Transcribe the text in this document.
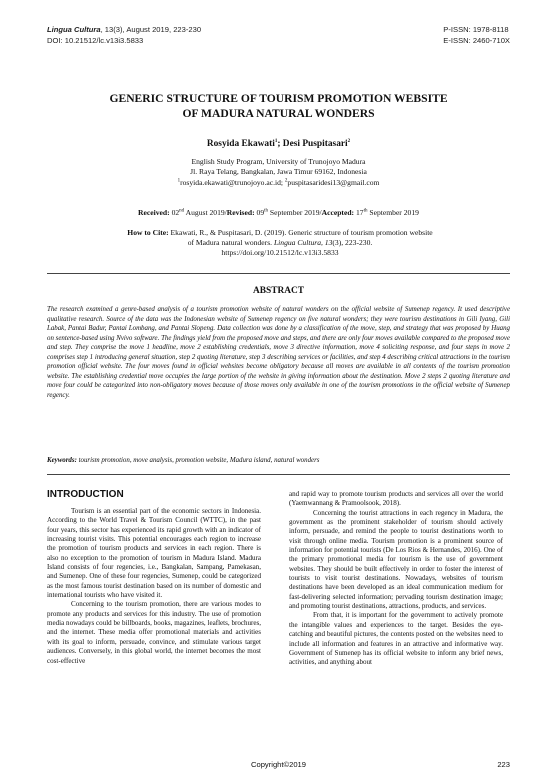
Lingua Cultura, 13(3), August 2019, 223-230
DOI: 10.21512/lc.v13i3.5833
P-ISSN: 1978-8118
E-ISSN: 2460-710X
GENERIC STRUCTURE OF TOURISM PROMOTION WEBSITE
OF MADURA NATURAL WONDERS
Rosyida Ekawati$^1$; Desi Puspitasari$^2$
English Study Program, University of Trunojoyo Madura
Jl. Raya Telang, Bangkalan, Jawa Timur 69162, Indonesia
$^1$rosyida.ekawati@trunojoyo.ac.id; $^2$puspitasaridesi13@gmail.com
Received: 02nd August 2019/Revised: 09th September 2019/Accepted: 17th September 2019
How to Cite: Ekawati, R., & Puspitasari, D. (2019). Generic structure of tourism promotion website
of Madura natural wonders. Lingua Cultura, 13(3), 223-230.
https://doi.org/10.21512/lc.v13i3.5833
ABSTRACT
The research examined a genre-based analysis of a tourism promotion website of natural wonders on the official website of Sumenep regency. It used descriptive qualitative research. Source of the data was the Indonesian website of Sumenep regency on five natural wonders; they were tourism destinations in Gili Iyang, Gili Labak, Pantai Badur, Pantai Lombang, and Pantai Slopeng. Data collection was done by a classification of the move, step, and strategy that was proposed by Huang on sentence-based using Nvivo software. The findings yield from the proposed move and steps, and there are only four moves available compared to the proposed move and step. They comprise the move 1 headline, move 2 establishing credentials, move 3 directive information, move 4 soliciting response, and four steps in move 2 comprises step 1 introducing general situation, step 2 quoting literature, step 3 describing services or facilities, and step 4 describing critical attractions in the tourism promotion official website. The four moves found in official websites become obligatory because all moves are available in all contents of the tourism promotion website. The establishing credential move occupies the large portion of the website in giving information about the destination. Move 2 steps 2 quoting literature and move four could be categorized into non-obligatory moves because of those moves only available in one of the tourism promotions in the official website of Sumenep regency.
Keywords: tourism promotion, move analysis, promotion website, Madura island, natural wonders
INTRODUCTION

Tourism is an essential part of the economic sectors in Indonesia. According to the World Travel & Tourism Council (WTTC), in the past four years, this sector has experienced its rapid growth with an indicator of increasing tourist visits. This potential encourages each region to increase the promotion of tourism products and services in each region. There is also no exception to the promotion of tourism in Madura Island. Madura Island consists of four regencies, i.e., Bangkalan, Sampang, Pamekasan, and Sumenep. One of these four regencies, Sumenep, could be categorized as the most famous tourist destination based on its number of domestic and international tourists who have visited it.

Concerning to the tourism promotion, there are various modes to promote any products and services for this industry. The use of promotion media nowadays could be billboards, books, magazines, leaflets, brochures, and the internet. These media offer promotional materials and activities with its goal to inform, persuade, convince, and stimulate various target audiences. Conversely, in this global world, the internet becomes the most cost-effective

and rapid way to promote tourism products and services all over the world (Yaemwannang & Pramoolsook, 2018).

Concerning the tourist attractions in each regency in Madura, the government as the prominent stakeholder of tourism should actively inform, persuade, and remind the people to tourist destinations worth to visit through online media. Tourism promotion is a prominent source of information for potential tourists (De Los Rios & Hernandes, 2016). One of the primary promotional media for tourism is the use of government websites. They should be built effectively in order to foster the interest of tourists to visit tourist destinations. Nowadays, websites of tourism destinations have been developed as an ideal communication medium for fast-delivering selected information; pervading tourism destination image; and promoting tourist destinations, attractions, products, and services.

From that, it is important for the government to actively promote the intangible values and experiences to the target. Besides the eye-catching and beautiful pictures, the contents posted on the websites need to include all information and features in an attractive and informative way. Government of Sumenep has its official website to inform any brief news, activities, and anything about

Copyright©2019	223
